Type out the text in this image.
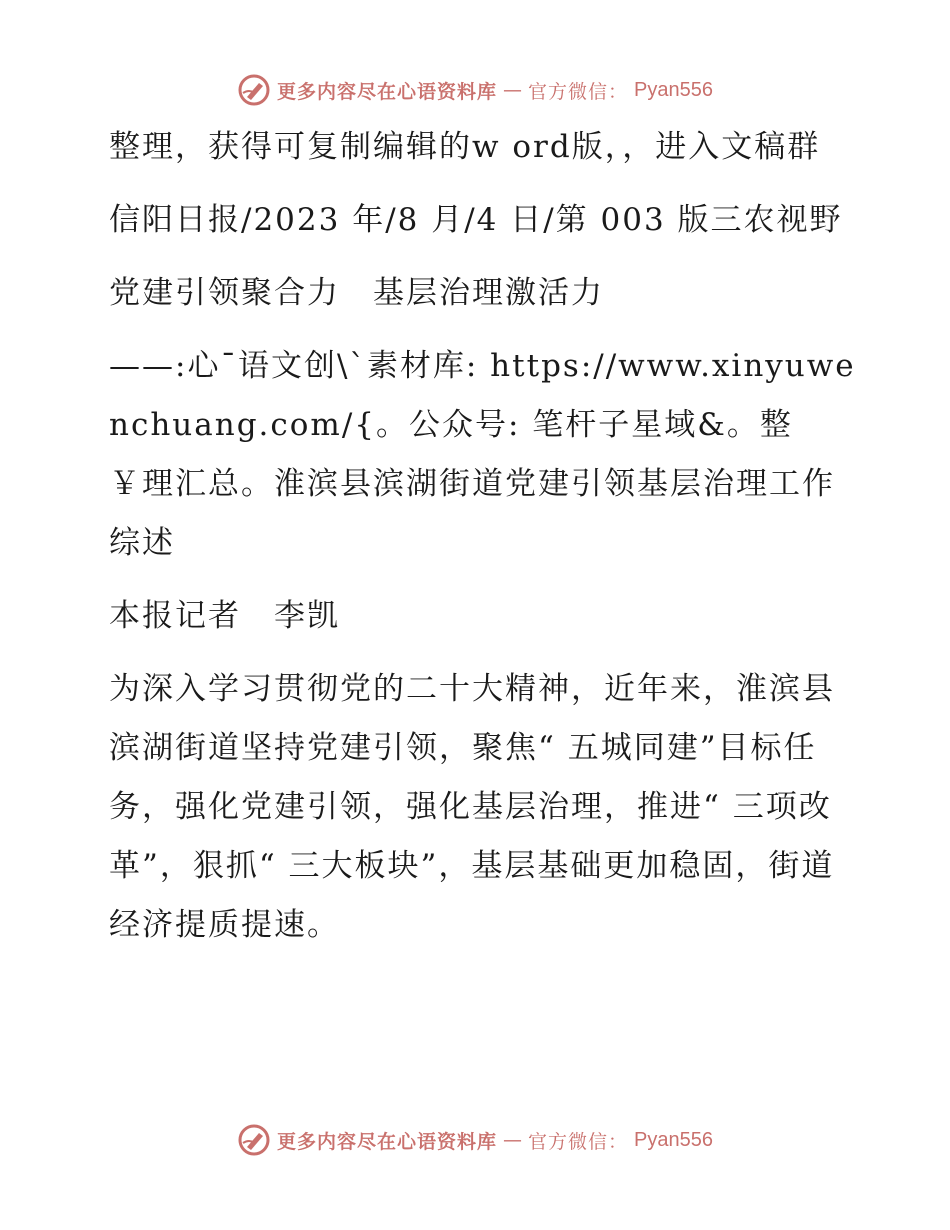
更多内容尽在心语资料库 — 官方微信： Pyan556

整理，获得可复制编辑的w ord版，，进入文稿群

信阳日报/2023 年/8 月/4 日/第 003 版三农视野

党建引领聚合力　基层治理激活力

——:心¯语文创\`素材库: https://www.xinyuwenchuang.com/{。公众号: 笔杆子星域&。整￥理汇总。淮滨县滨湖街道党建引领基层治理工作综述

本报记者　李凯

为深入学习贯彻党的二十大精神，近年来，淮滨县滨湖街道坚持党建引领，聚焦“ 五城同建”目标任务，强化党建引领，强化基层治理，推进“ 三项改革”，狠抓“ 三大板块”，基层基础更加稳固，街道经济提质提速。

更多内容尽在心语资料库 — 官方微信： Pyan556
